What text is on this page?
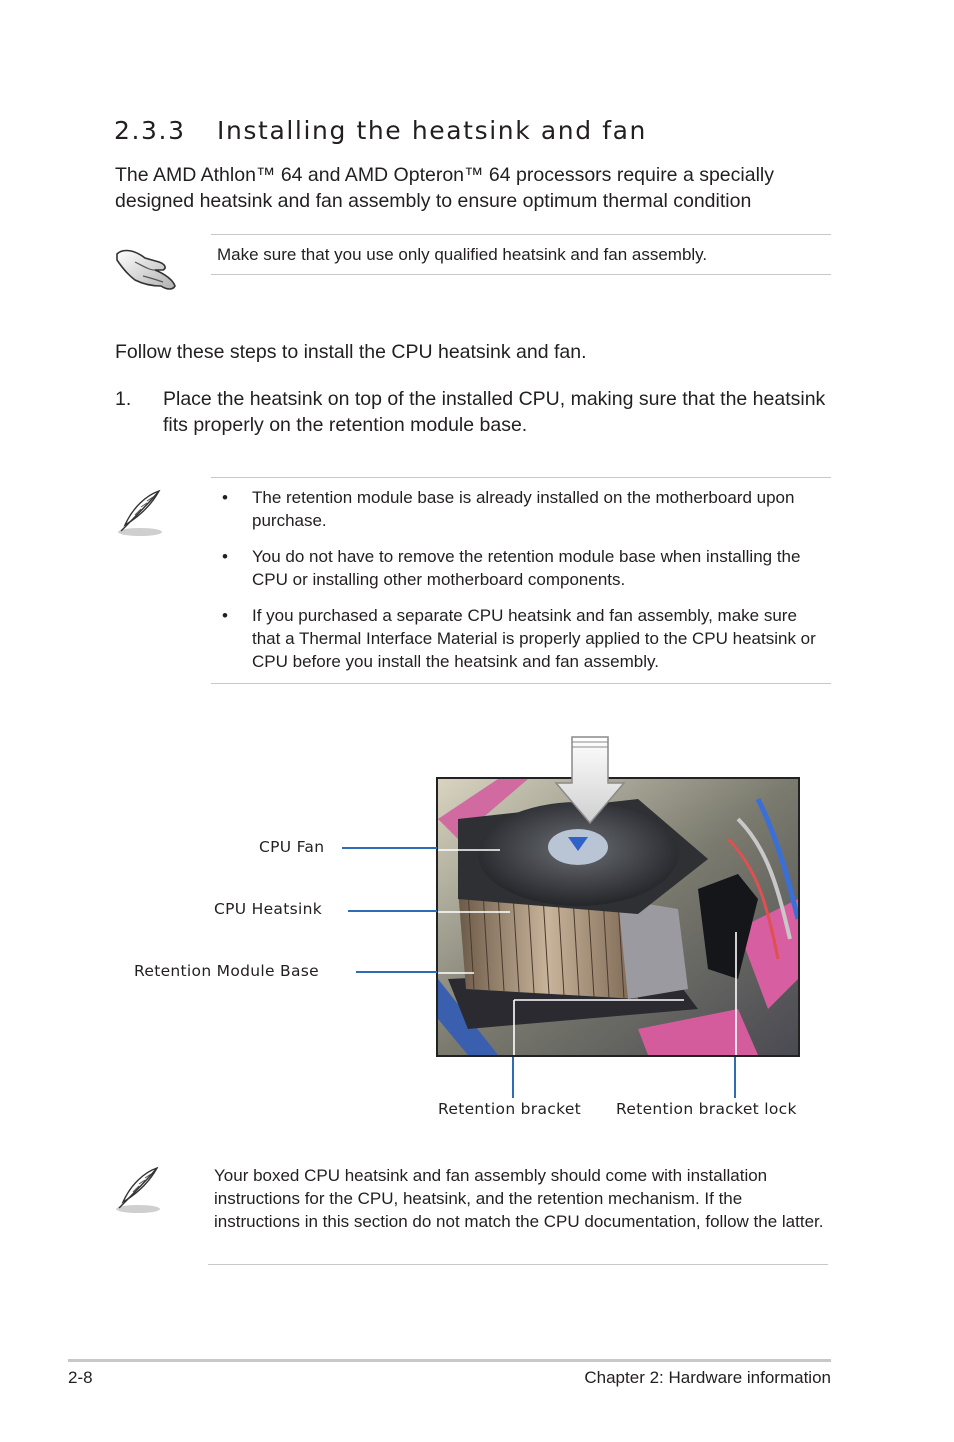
2.3.3 Installing the heatsink and fan
The AMD Athlon™ 64 and AMD Opteron™ 64 processors require a specially designed heatsink and fan assembly to ensure optimum thermal condition
Make sure that you use only qualified heatsink and fan assembly.
Follow these steps to install the CPU heatsink and fan.
1.	Place the heatsink on top of the installed CPU, making sure that the heatsink fits properly on the retention module base.
• The retention module base is already installed on the motherboard upon purchase.
• You do not have to remove the retention module base when installing the CPU or installing other motherboard components.
• If you purchased a separate CPU heatsink and fan assembly, make sure that a Thermal Interface Material is properly applied to the CPU heatsink or CPU before you install the heatsink and fan assembly.
CPU Fan
CPU Heatsink
Retention Module Base
Retention bracket Retention bracket lock
Your boxed CPU heatsink and fan assembly should come with installation instructions for the CPU, heatsink, and the retention mechanism. If the instructions in this section do not match the CPU documentation, follow the latter.
2-8	Chapter 2: Hardware information
